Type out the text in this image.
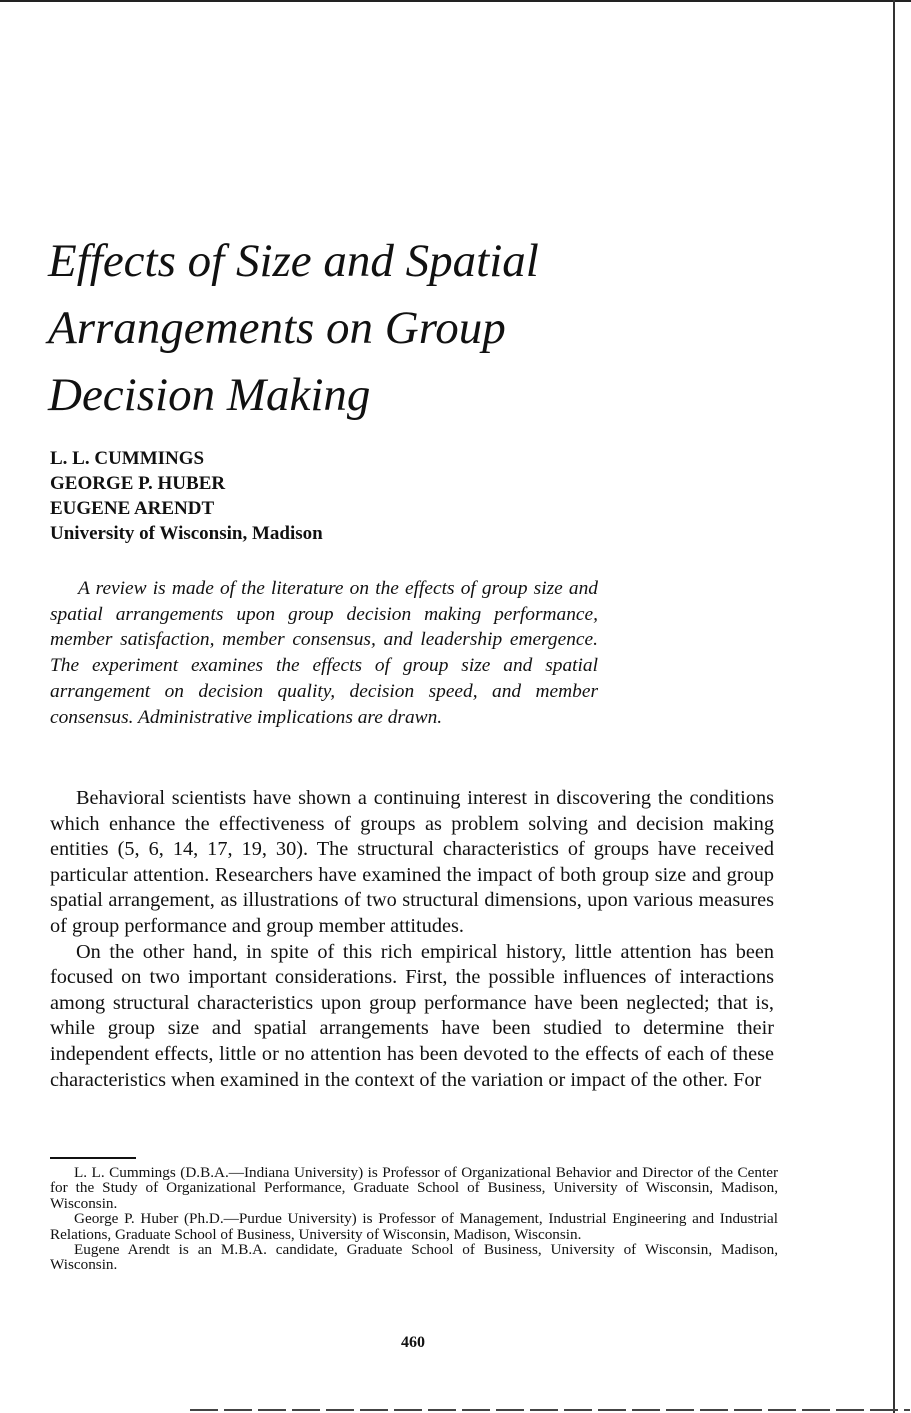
Effects of Size and Spatial
Arrangements on Group
Decision Making
L. L. CUMMINGS
GEORGE P. HUBER
EUGENE ARENDT
University of Wisconsin, Madison

A review is made of the literature on the effects of group size and spatial arrangements upon group decision making performance, member satisfaction, member consensus, and leadership emergence. The experiment examines the effects of group size and spatial arrangement on decision quality, decision speed, and member consensus. Administrative implications are drawn.

Behavioral scientists have shown a continuing interest in discovering the conditions which enhance the effectiveness of groups as problem solving and decision making entities (5, 6, 14, 17, 19, 30). The structural characteristics of groups have received particular attention. Researchers have examined the impact of both group size and group spatial arrangement, as illustrations of two structural dimensions, upon various measures of group performance and group member attitudes.

On the other hand, in spite of this rich empirical history, little attention has been focused on two important considerations. First, the possible influences of interactions among structural characteristics upon group performance have been neglected; that is, while group size and spatial arrangements have been studied to determine their independent effects, little or no attention has been devoted to the effects of each of these characteristics when examined in the context of the variation or impact of the other. For

L. L. Cummings (D.B.A.—Indiana University) is Professor of Organizational Behavior and Director of the Center for the Study of Organizational Performance, Graduate School of Business, University of Wisconsin, Madison, Wisconsin.

George P. Huber (Ph.D.—Purdue University) is Professor of Management, Industrial Engineering and Industrial Relations, Graduate School of Business, University of Wisconsin, Madison, Wisconsin.

Eugene Arendt is an M.B.A. candidate, Graduate School of Business, University of Wisconsin, Madison, Wisconsin.

460
